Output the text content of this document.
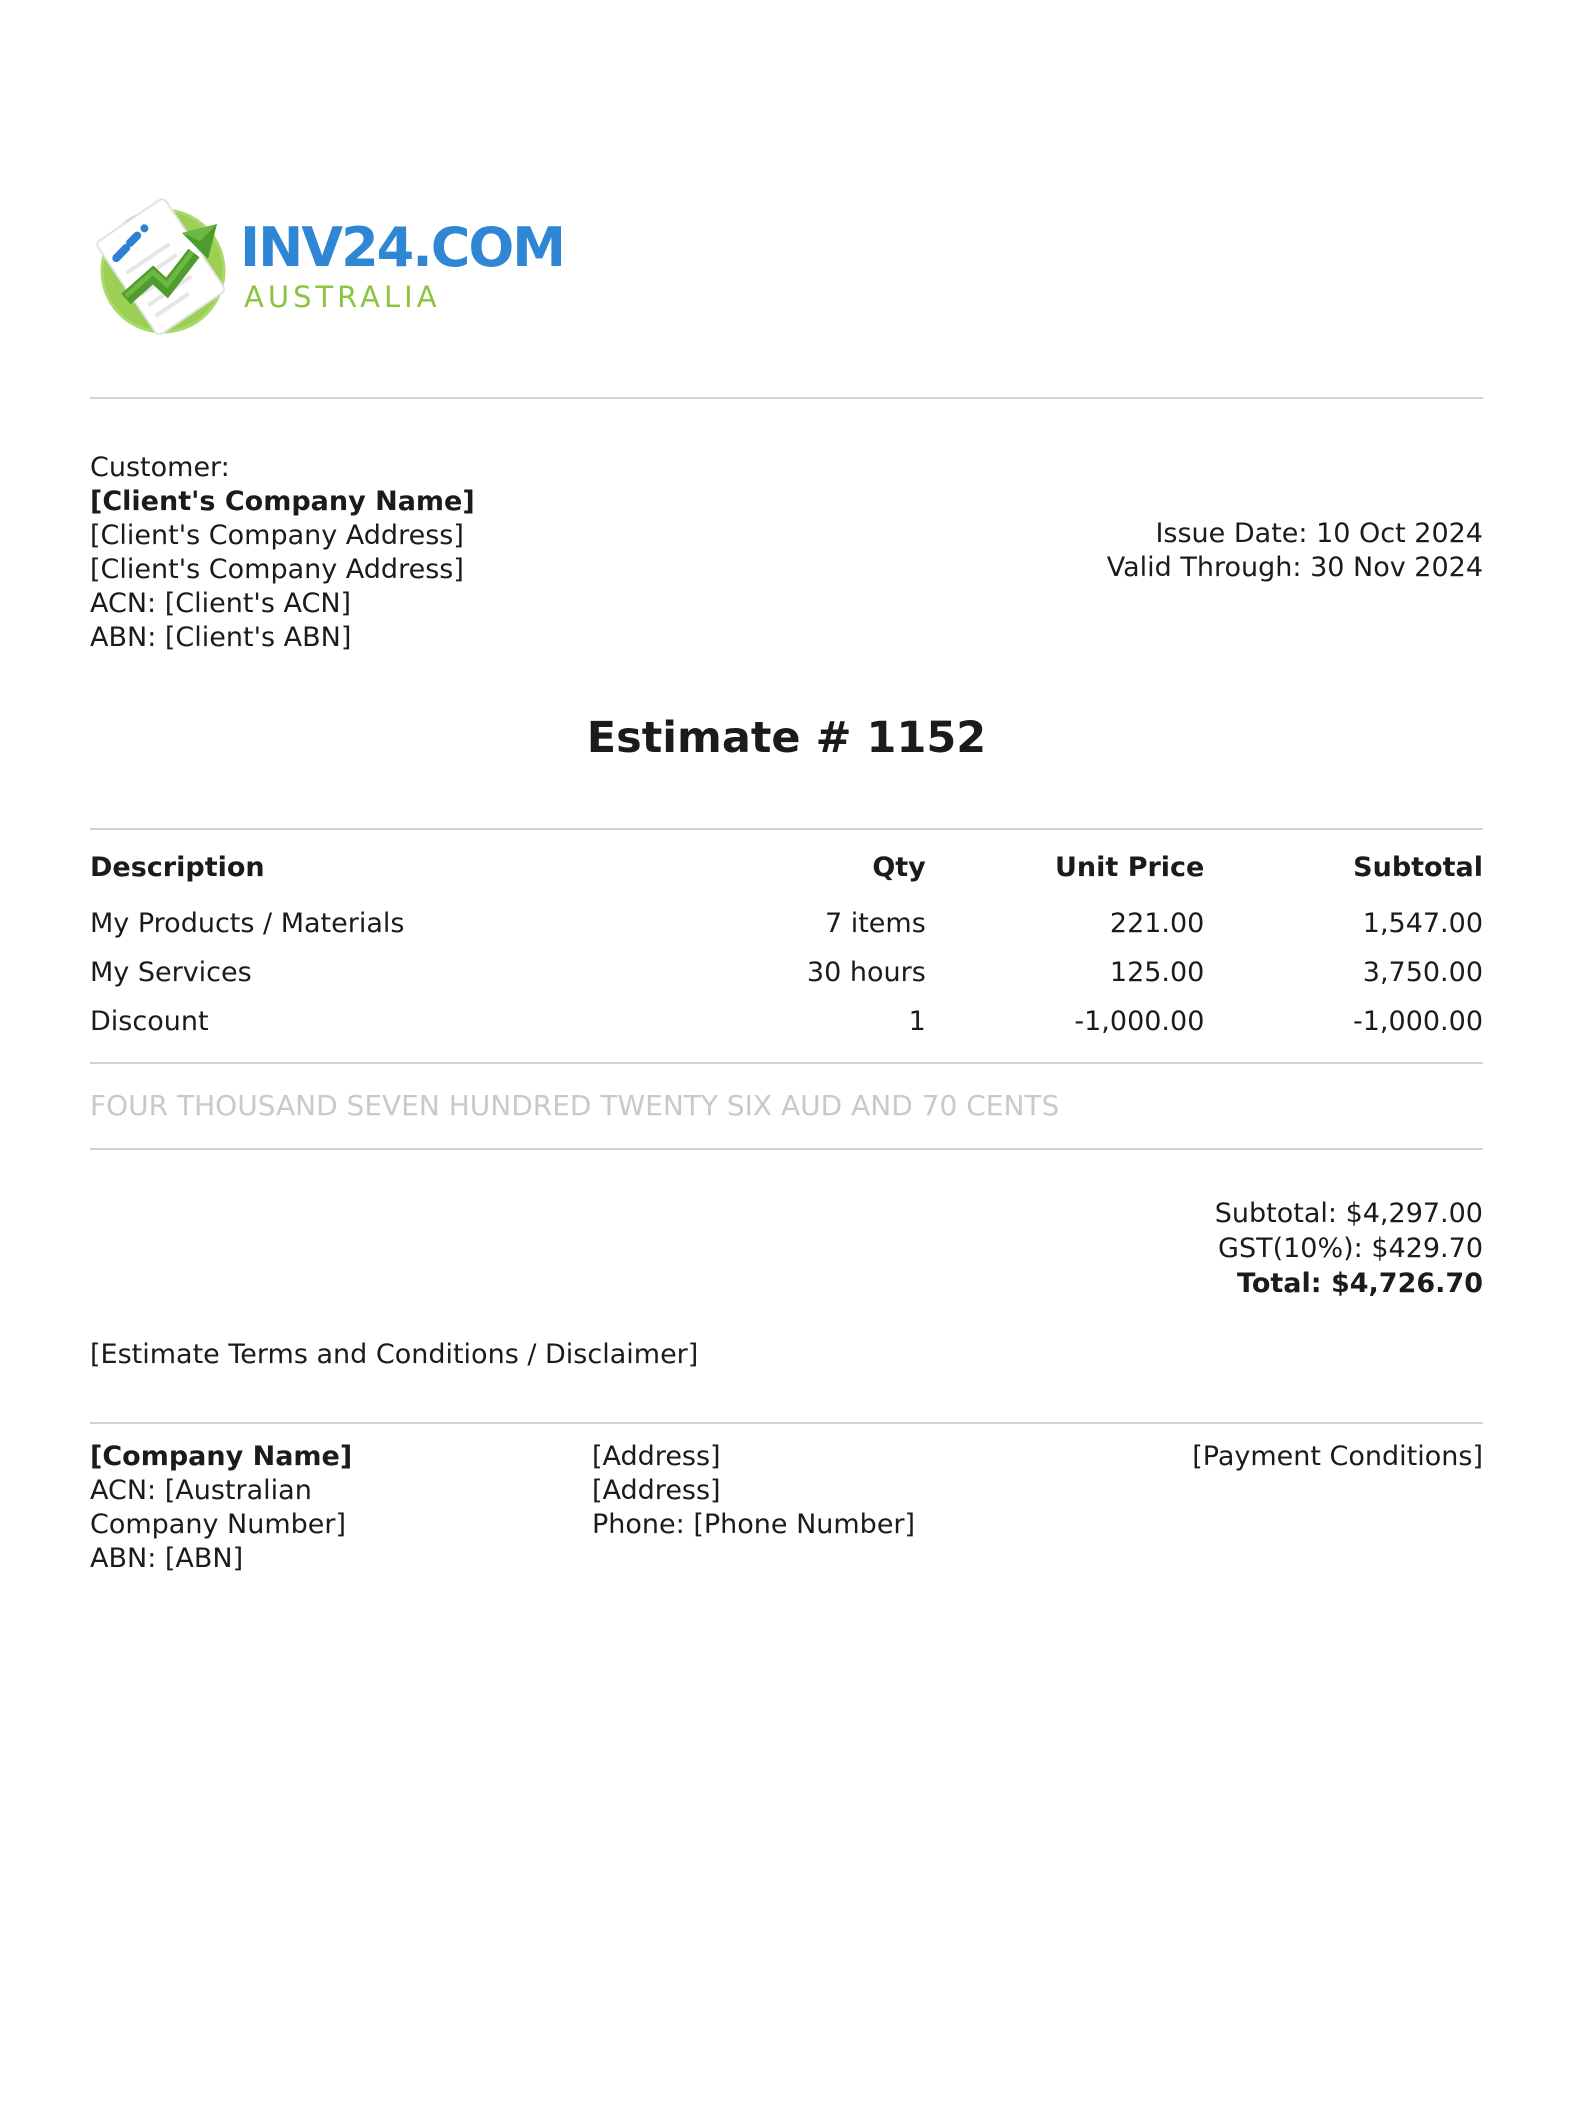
INV24.COM
AUSTRALIA
Customer:
[Client's Company Name]
[Client's Company Address]
[Client's Company Address]
ACN: [Client's ACN]
ABN: [Client's ABN]
Issue Date: 10 Oct 2024
Valid Through: 30 Nov 2024
Estimate # 1152
Description	Qty	Unit Price	Subtotal
My Products / Materials	7 items	221.00	1,547.00
My Services	30 hours	125.00	3,750.00
Discount	1	-1,000.00	-1,000.00
FOUR THOUSAND SEVEN HUNDRED TWENTY SIX AUD AND 70 CENTS
Subtotal: $4,297.00
GST(10%): $429.70
Total: $4,726.70
[Estimate Terms and Conditions / Disclaimer]
[Company Name]
ACN: [Australian Company Number]
ABN: [ABN]
[Address]
[Address]
Phone: [Phone Number]
[Payment Conditions]
